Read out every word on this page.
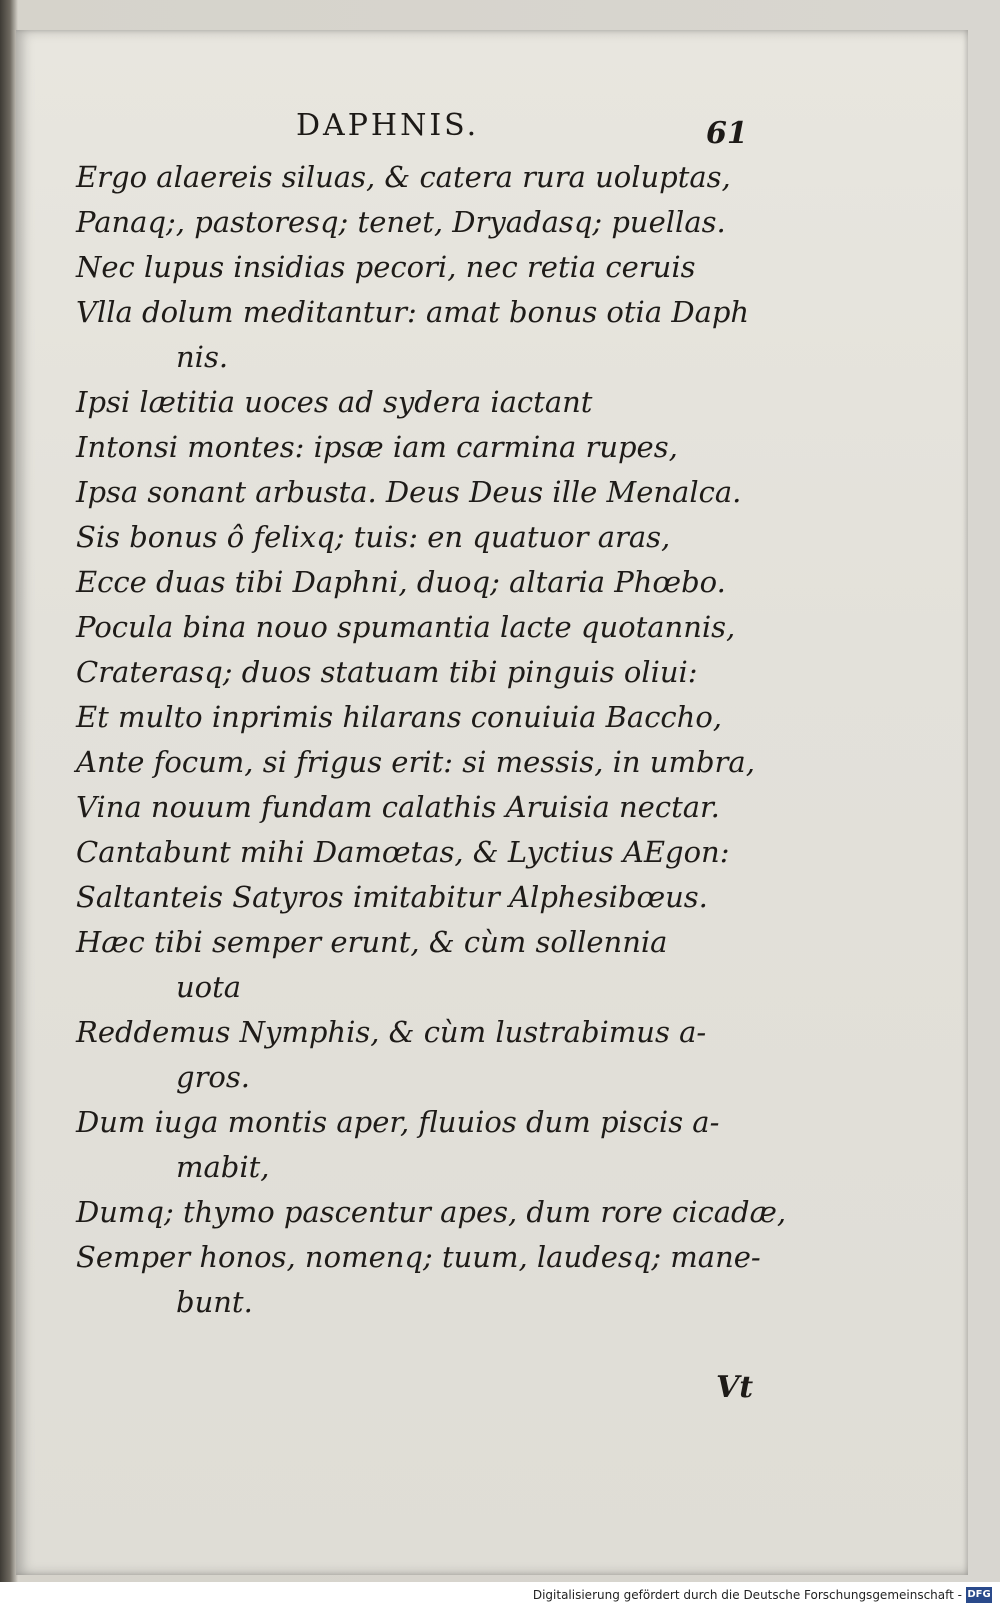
DAPHNIS.	61
Ergo alaereis siluas, & catera rura uoluptas,
Panaq;, pastoresq; tenet, Dryadasq; puellas.
Nec lupus insidias pecori, nec retia ceruis
Vlla dolum meditantur: amat bonus otia Daph
nis.
Ipsi lætitia uoces ad sydera iactant
Intonsi montes: ipsæ iam carmina rupes,
Ipsa sonant arbusta. Deus Deus ille Menalca.
Sis bonus ô felixq; tuis: en quatuor aras,
Ecce duas tibi Daphni, duoq; altaria Phœbo.
Pocula bina nouo spumantia lacte quotannis,
Craterasq; duos statuam tibi pinguis oliui:
Et multo inprimis hilarans conuiuia Baccho,
Ante focum, si frigus erit: si messis, in umbra,
Vina nouum fundam calathis Aruisia nectar.
Cantabunt mihi Damœtas, & Lyctius AEgon:
Saltanteis Satyros imitabitur Alphesibœus.
Hæc tibi semper erunt, & cùm sollennia
uota
Reddemus Nymphis, & cùm lustrabimus a-
gros.
Dum iuga montis aper, fluuios dum piscis a-
mabit,
Dumq; thymo pascentur apes, dum rore cicadæ,
Semper honos, nomenq; tuum, laudesq; mane-
bunt.
Vt
Digitalisierung gefördert durch die Deutsche Forschungsgemeinschaft - DFG
